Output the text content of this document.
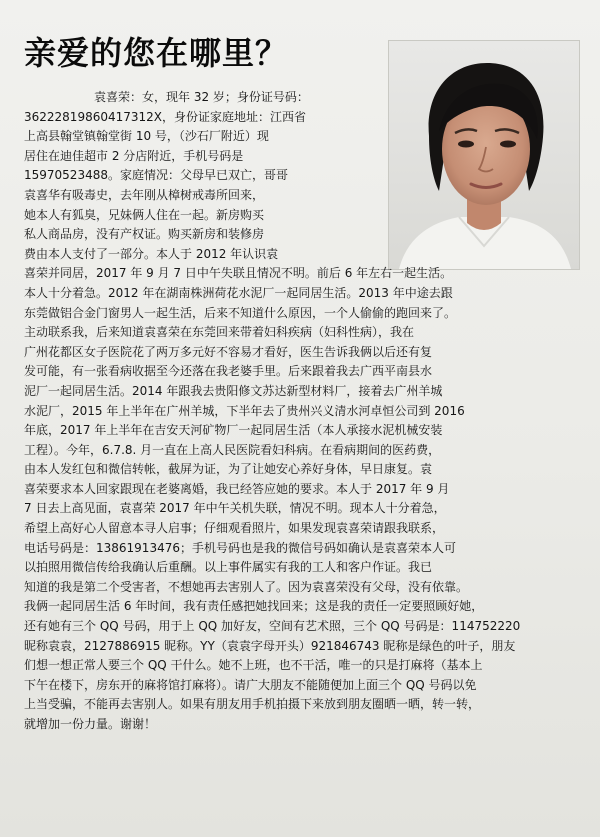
亲爱的您在哪里？
袁喜荣：女，现年 32 岁；身份证号码：
36222819860417312X，身份证家庭地址：江西省
上高县翰堂镇翰堂街 10 号，（沙石厂附近）现
居住在迪佳超市 2 分店附近，手机号码是
15970523488。家庭情况：父母早已双亡，哥哥
袁喜华有吸毒史，去年刚从樟树戒毒所回来，
她本人有狐臭，兄妹俩人住在一起。新房购买
私人商品房，没有产权证。购买新房和装修房
费由本人支付了一部分。本人于 2012 年认识袁
喜荣并同居，2017 年 9 月 7 日中午失联且情况不明。前后 6 年左右一起生活。
本人十分着急。2012 年在湖南株洲荷花水泥厂一起同居生活。2013 年中途去跟
东莞做铝合金门窗男人一起生活，后来不知道什么原因，一个人偷偷的跑回来了。
主动联系我，后来知道袁喜荣在东莞回来带着妇科疾病（妇科性病），我在
广州花都区女子医院花了两万多元好不容易才看好，医生告诉我俩以后还有复
发可能，有一张看病收据至今还落在我老婆手里。后来跟着我去广西平南县水
泥厂一起同居生活。2014 年跟我去贵阳修文苏达新型材料厂，接着去广州羊城
水泥厂，2015 年上半年在广州羊城，下半年去了贵州兴义清水河卓恒公司到 2016
年底，2017 年上半年在吉安天河矿物厂一起同居生活（本人承接水泥机械安装
工程）。今年，6.7.8. 月一直在上高人民医院看妇科病。在看病期间的医药费，
由本人发红包和微信转帐，截屏为证，为了让她安心养好身体，早日康复。袁
喜荣要求本人回家跟现在老婆离婚，我已经答应她的要求。本人于 2017 年 9 月
7 日去上高见面，袁喜荣 2017 年中午关机失联，情况不明。现本人十分着急，
希望上高好心人留意本寻人启事；仔细观看照片，如果发现袁喜荣请跟我联系，
电话号码是：13861913476；手机号码也是我的微信号码如确认是袁喜荣本人可
以拍照用微信传给我确认后重酬。以上事件属实有我的工人和客户作证。我已
知道的我是第二个受害者，不想她再去害别人了。因为袁喜荣没有父母，没有依靠。
我俩一起同居生活 6 年时间，我有责任感把她找回来；这是我的责任一定要照顾好她，
还有她有三个 QQ 号码，用于上 QQ 加好友，空间有艺术照，三个 QQ 号码是：114752220
昵称袁袁，2127886915 昵称。YY（袁袁字母开头）921846743 昵称是绿色的叶子，朋友
们想一想正常人要三个 QQ 干什么。她不上班，也不干活，唯一的只是打麻将（基本上
下午在楼下，房东开的麻将馆打麻将）。请广大朋友不能随便加上面三个 QQ 号码以免
上当受骗，不能再去害别人。如果有朋友用手机拍摄下来放到朋友圈晒一晒，转一转，
就增加一份力量。谢谢！
